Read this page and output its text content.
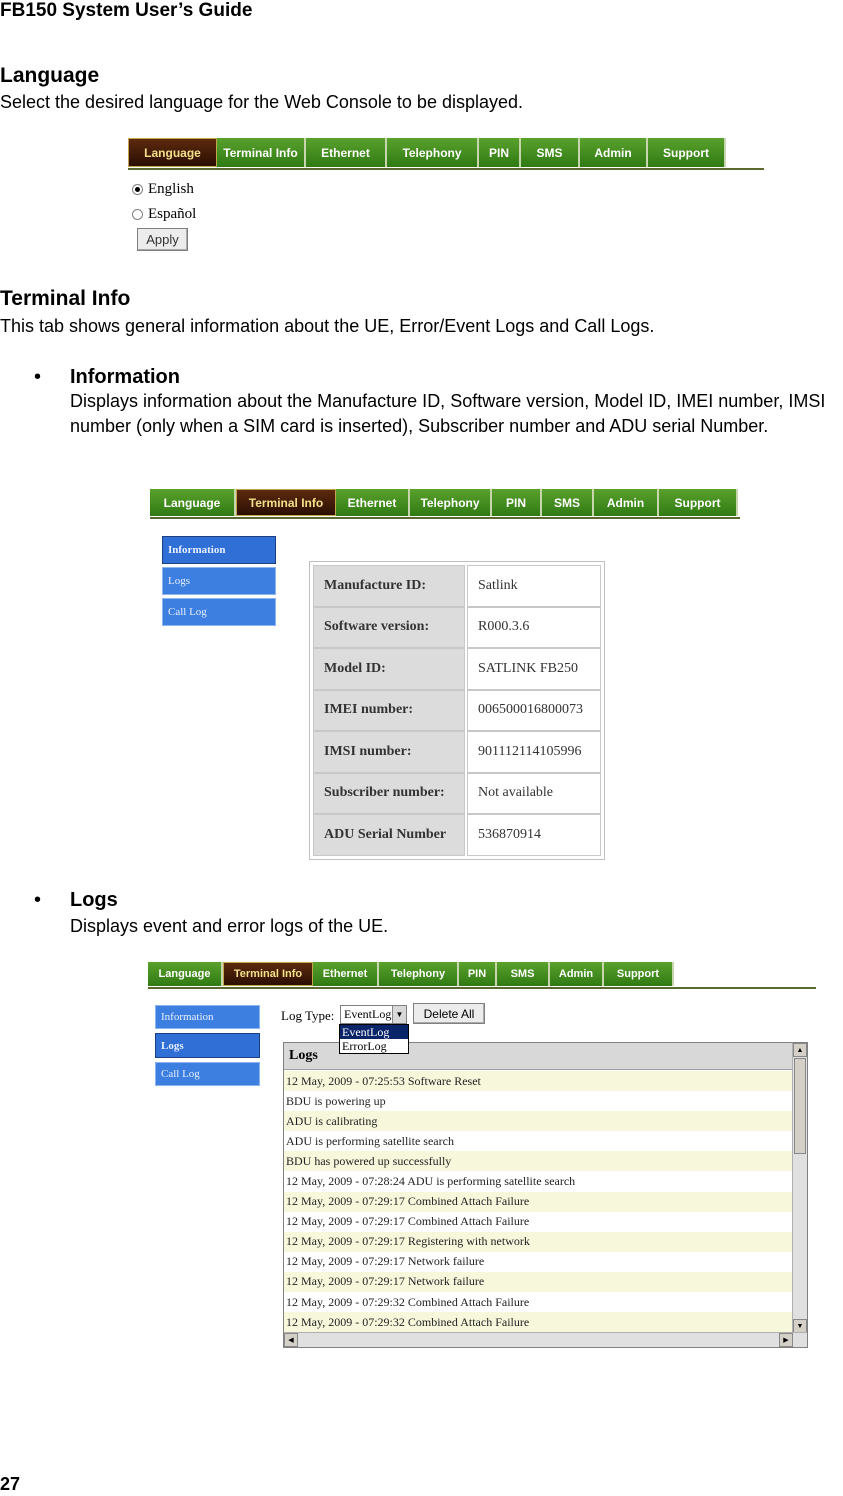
FB150 System User’s Guide
Language
Select the desired language for the Web Console to be displayed.
Language	Terminal Info	Ethernet	Telephony	PIN	SMS	Admin	Support
English
Español
Apply
Terminal Info
This tab shows general information about the UE, Error/Event Logs and Call Logs.
• Information
Displays information about the Manufacture ID, Software version, Model ID, IMEI number, IMSI number (only when a SIM card is inserted), Subscriber number and ADU serial Number.
Language	Terminal Info	Ethernet	Telephony	PIN	SMS	Admin	Support
Information
Logs
Call Log
Manufacture ID:	Satlink
Software version:	R000.3.6
Model ID:	SATLINK FB250
IMEI number:	006500016800073
IMSI number:	901112114105996
Subscriber number:	Not available
ADU Serial Number	536870914
• Logs
Displays event and error logs of the UE.
Language	Terminal Info	Ethernet	Telephony	PIN	SMS	Admin	Support
Information
Logs
Call Log
Log Type: EventLog ▼	Delete All
Logs
12 May, 2009 - 07:25:53 Software Reset
BDU is powering up
ADU is calibrating
ADU is performing satellite search
BDU has powered up successfully
12 May, 2009 - 07:28:24 ADU is performing satellite search
12 May, 2009 - 07:29:17 Combined Attach Failure
12 May, 2009 - 07:29:17 Combined Attach Failure
12 May, 2009 - 07:29:17 Registering with network
12 May, 2009 - 07:29:17 Network failure
12 May, 2009 - 07:29:17 Network failure
12 May, 2009 - 07:29:32 Combined Attach Failure
12 May, 2009 - 07:29:32 Combined Attach Failure
▲
▼
◀	▶
EventLog
ErrorLog
27
